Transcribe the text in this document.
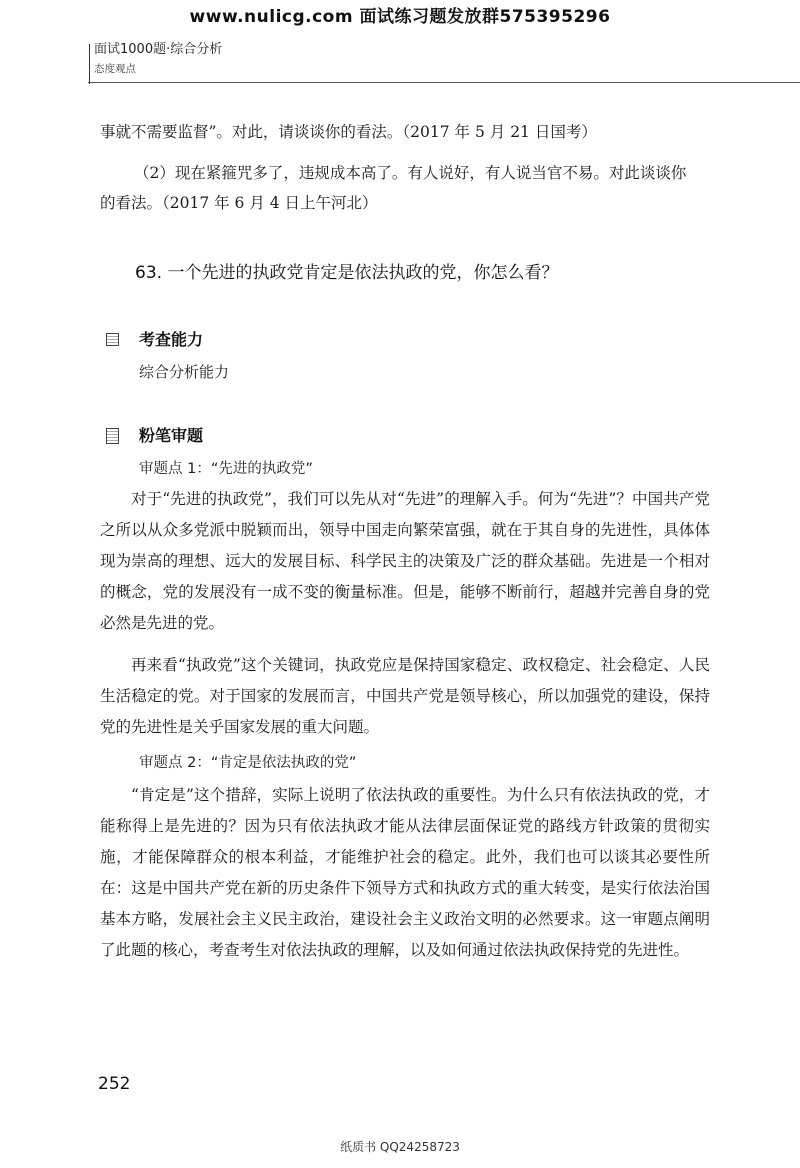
www.nulicg.com 面试练习题发放群575395296
面试1000题·综合分析
态度观点
事就不需要监督”。对此，请谈谈你的看法。（2017 年 5 月 21 日国考）
（2）现在紧箍咒多了，违规成本高了。有人说好，有人说当官不易。对此谈谈你
的看法。（2017 年 6 月 4 日上午河北）
63. 一个先进的执政党肯定是依法执政的党，你怎么看？
考查能力
综合分析能力
粉笔审题
审题点 1：“先进的执政党”
对于“先进的执政党”，我们可以先从对“先进”的理解入手。何为“先进”？中国共产党之所以从众多党派中脱颖而出，领导中国走向繁荣富强，就在于其自身的先进性，具体体现为崇高的理想、远大的发展目标、科学民主的决策及广泛的群众基础。先进是一个相对的概念，党的发展没有一成不变的衡量标准。但是，能够不断前行，超越并完善自身的党必然是先进的党。
再来看“执政党”这个关键词，执政党应是保持国家稳定、政权稳定、社会稳定、人民生活稳定的党。对于国家的发展而言，中国共产党是领导核心，所以加强党的建设，保持党的先进性是关乎国家发展的重大问题。
审题点 2：“肯定是依法执政的党”
“肯定是”这个措辞，实际上说明了依法执政的重要性。为什么只有依法执政的党，才能称得上是先进的？因为只有依法执政才能从法律层面保证党的路线方针政策的贯彻实施，才能保障群众的根本利益，才能维护社会的稳定。此外，我们也可以谈其必要性所在：这是中国共产党在新的历史条件下领导方式和执政方式的重大转变，是实行依法治国基本方略，发展社会主义民主政治，建设社会主义政治文明的必然要求。这一审题点阐明了此题的核心，考查考生对依法执政的理解，以及如何通过依法执政保持党的先进性。
252
纸质书 QQ24258723
